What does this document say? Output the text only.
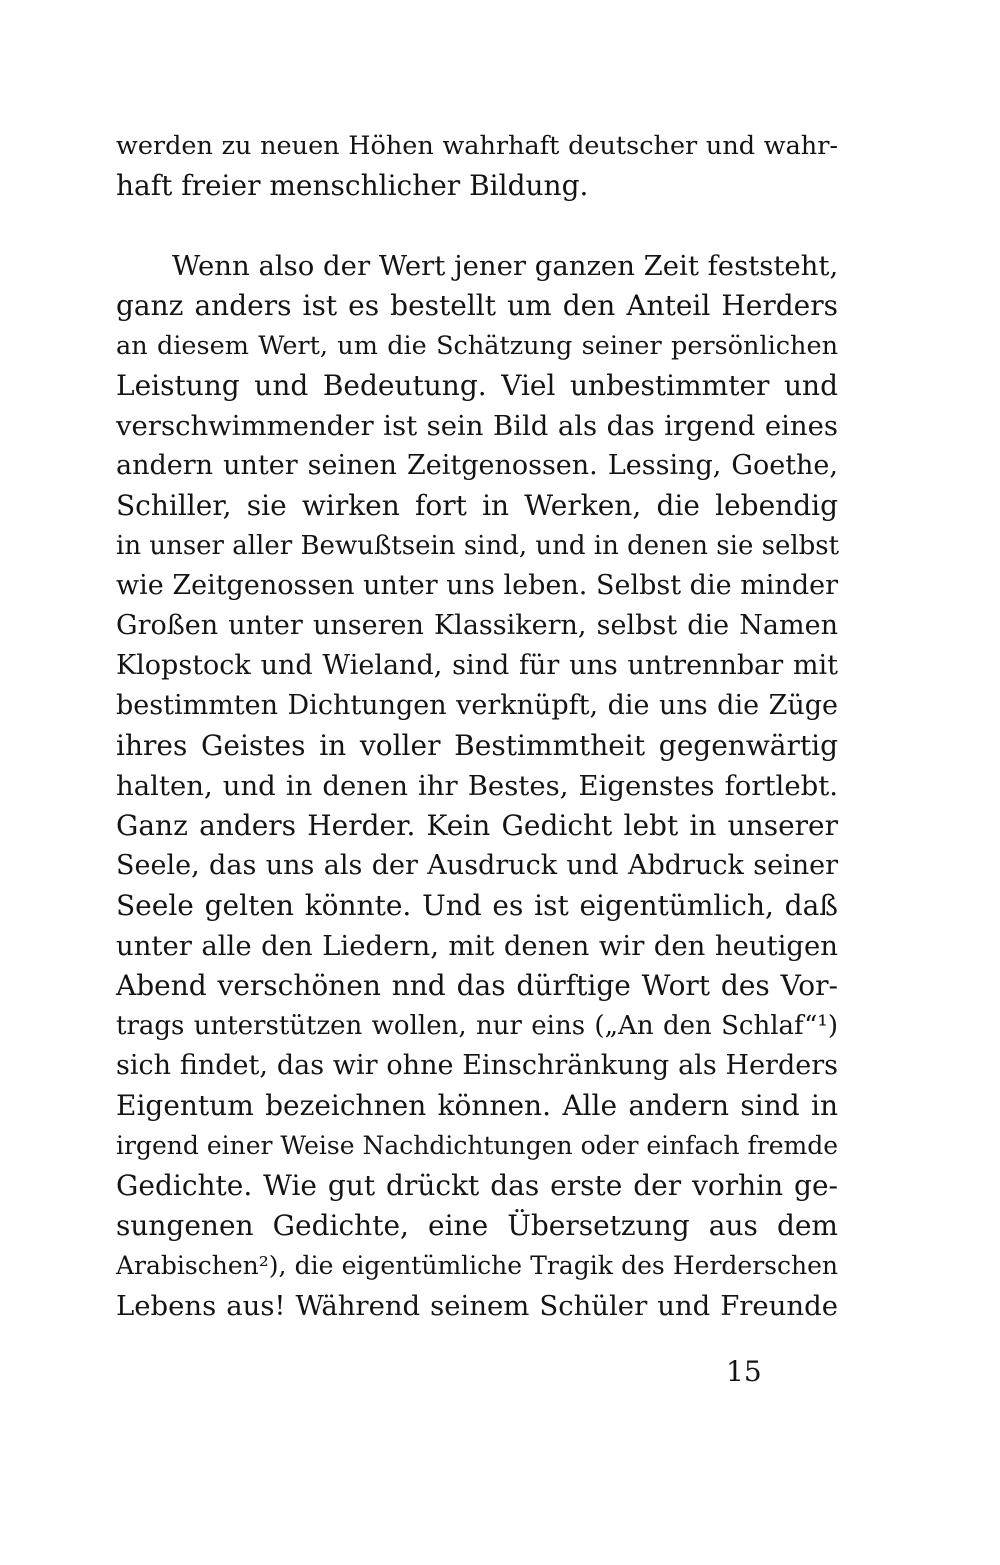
werden zu neuen Höhen wahrhaft deutscher und wahr-
haft freier menschlicher Bildung.
Wenn also der Wert jener ganzen Zeit feststeht,
ganz anders ist es bestellt um den Anteil Herders
an diesem Wert, um die Schätzung seiner persönlichen
Leistung und Bedeutung. Viel unbestimmter und
verschwimmender ist sein Bild als das irgend eines
andern unter seinen Zeitgenossen. Lessing, Goethe,
Schiller, sie wirken fort in Werken, die lebendig
in unser aller Bewußtsein sind, und in denen sie selbst
wie Zeitgenossen unter uns leben. Selbst die minder
Großen unter unseren Klassikern, selbst die Namen
Klopstock und Wieland, sind für uns untrennbar mit
bestimmten Dichtungen verknüpft, die uns die Züge
ihres Geistes in voller Bestimmtheit gegenwärtig
halten, und in denen ihr Bestes, Eigenstes fortlebt.
Ganz anders Herder. Kein Gedicht lebt in unserer
Seele, das uns als der Ausdruck und Abdruck seiner
Seele gelten könnte. Und es ist eigentümlich, daß
unter alle den Liedern, mit denen wir den heutigen
Abend verschönen nnd das dürftige Wort des Vor-
trags unterstützen wollen, nur eins („An den Schlaf“¹)
sich findet, das wir ohne Einschränkung als Herders
Eigentum bezeichnen können. Alle andern sind in
irgend einer Weise Nachdichtungen oder einfach fremde
Gedichte. Wie gut drückt das erste der vorhin ge-
sungenen Gedichte, eine Übersetzung aus dem
Arabischen²), die eigentümliche Tragik des Herderschen
Lebens aus! Während seinem Schüler und Freunde
15
